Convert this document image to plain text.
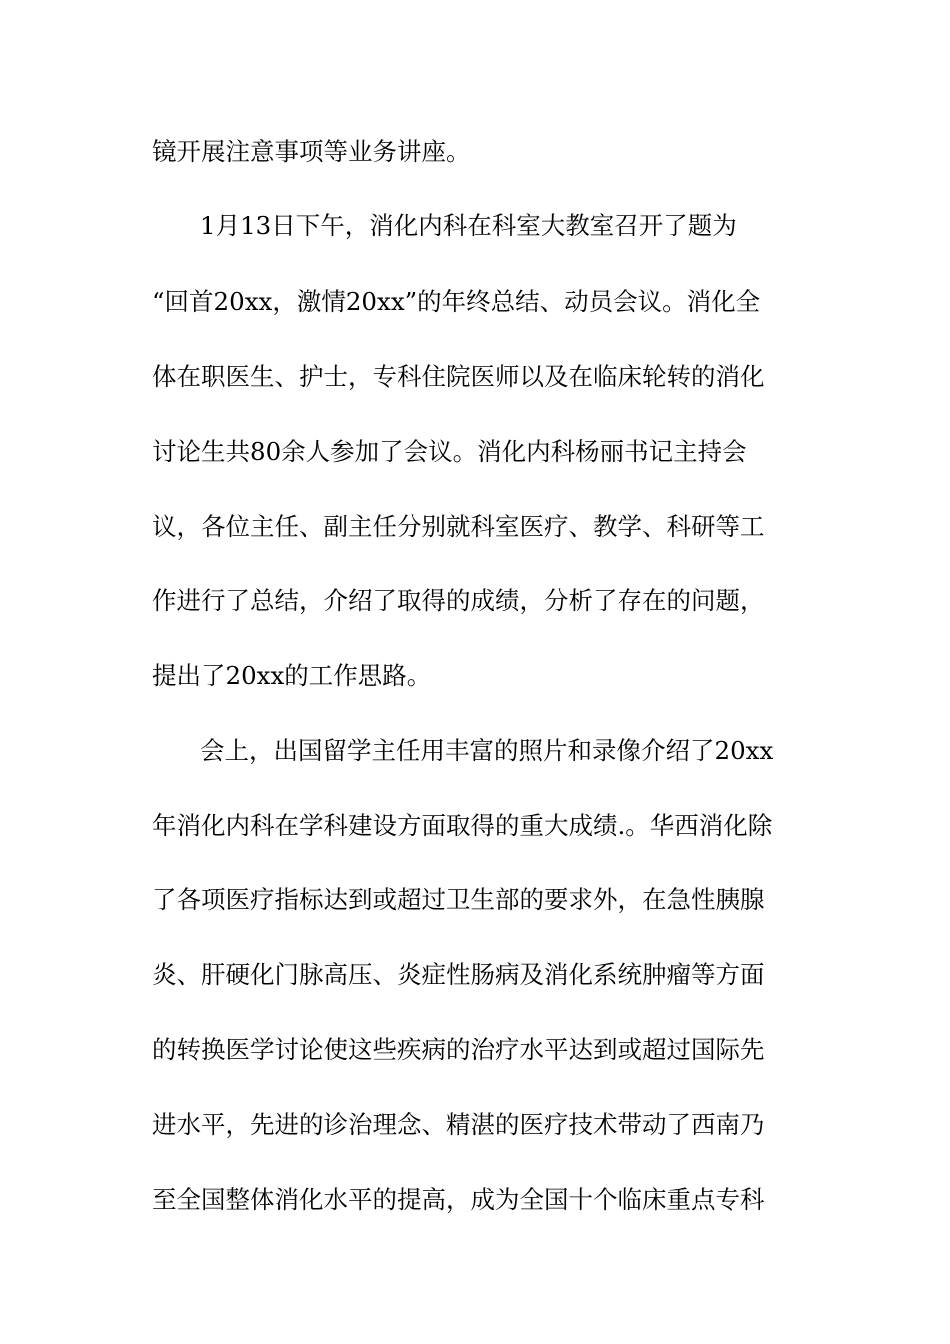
镜开展注意事项等业务讲座。
1月13日下午，消化内科在科室大教室召开了题为
“回首20xx，激情20xx”的年终总结、动员会议。消化全
体在职医生、护士，专科住院医师以及在临床轮转的消化
讨论生共80余人参加了会议。消化内科杨丽书记主持会
议，各位主任、副主任分别就科室医疗、教学、科研等工
作进行了总结，介绍了取得的成绩，分析了存在的问题，
提出了20xx的工作思路。
会上，出国留学主任用丰富的照片和录像介绍了20xx
年消化内科在学科建设方面取得的重大成绩.。华西消化除
了各项医疗指标达到或超过卫生部的要求外，在急性胰腺
炎、肝硬化门脉高压、炎症性肠病及消化系统肿瘤等方面
的转换医学讨论使这些疾病的治疗水平达到或超过国际先
进水平，先进的诊治理念、精湛的医疗技术带动了西南乃
至全国整体消化水平的提高，成为全国十个临床重点专科
